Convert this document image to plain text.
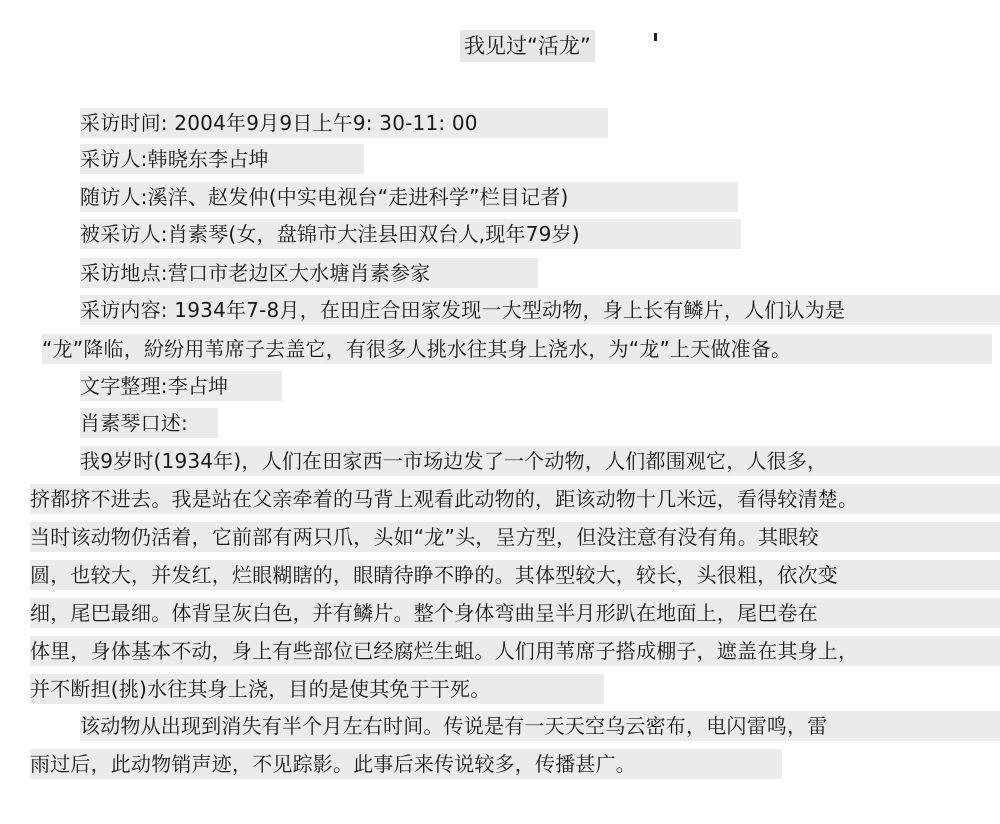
我见过“活龙”
采访时间: 2004年9月9日上午9: 30-11: 00
采访人:韩晓东李占坤
随访人:溪洋、赵发仲(中实电视台“走进科学”栏目记者)
被采访人:肖素琴(女，盘锦市大洼县田双台人,现年79岁)
采访地点:营口市老边区大水塘肖素参家
采访内容: 1934年7-8月，在田庄合田家发现一大型动物，身上长有鳞片，人们认为是
“龙”降临，紛纷用苇席子去盖它，有很多人挑水往其身上浇水，为“龙”上天做准备。
文字整理:李占坤
肖素琴口述:
我9岁时(1934年)，人们在田家西一市场边发了一个动物，人们都围观它，人很多，
挤都挤不进去。我是站在父亲牵着的马背上观看此动物的，距该动物十几米远，看得较清楚。
当时该动物仍活着，它前部有两只爪，头如“龙”头，呈方型，但没注意有没有角。其眼较
圆，也较大，并发红，烂眼糊瞎的，眼睛待睁不睁的。其体型较大，较长，头很粗，依次变
细，尾巴最细。体背呈灰白色，并有鳞片。整个身体弯曲呈半月形趴在地面上，尾巴卷在
体里，身体基本不动，身上有些部位已经腐烂生蛆。人们用苇席子搭成棚子，遮盖在其身上，
并不断担(挑)水往其身上浇，目的是使其免于干死。
该动物从出现到消失有半个月左右时间。传说是有一天天空乌云密布，电闪雷鸣，雷
雨过后，此动物销声迹，不见踪影。此事后来传说较多，传播甚广。
